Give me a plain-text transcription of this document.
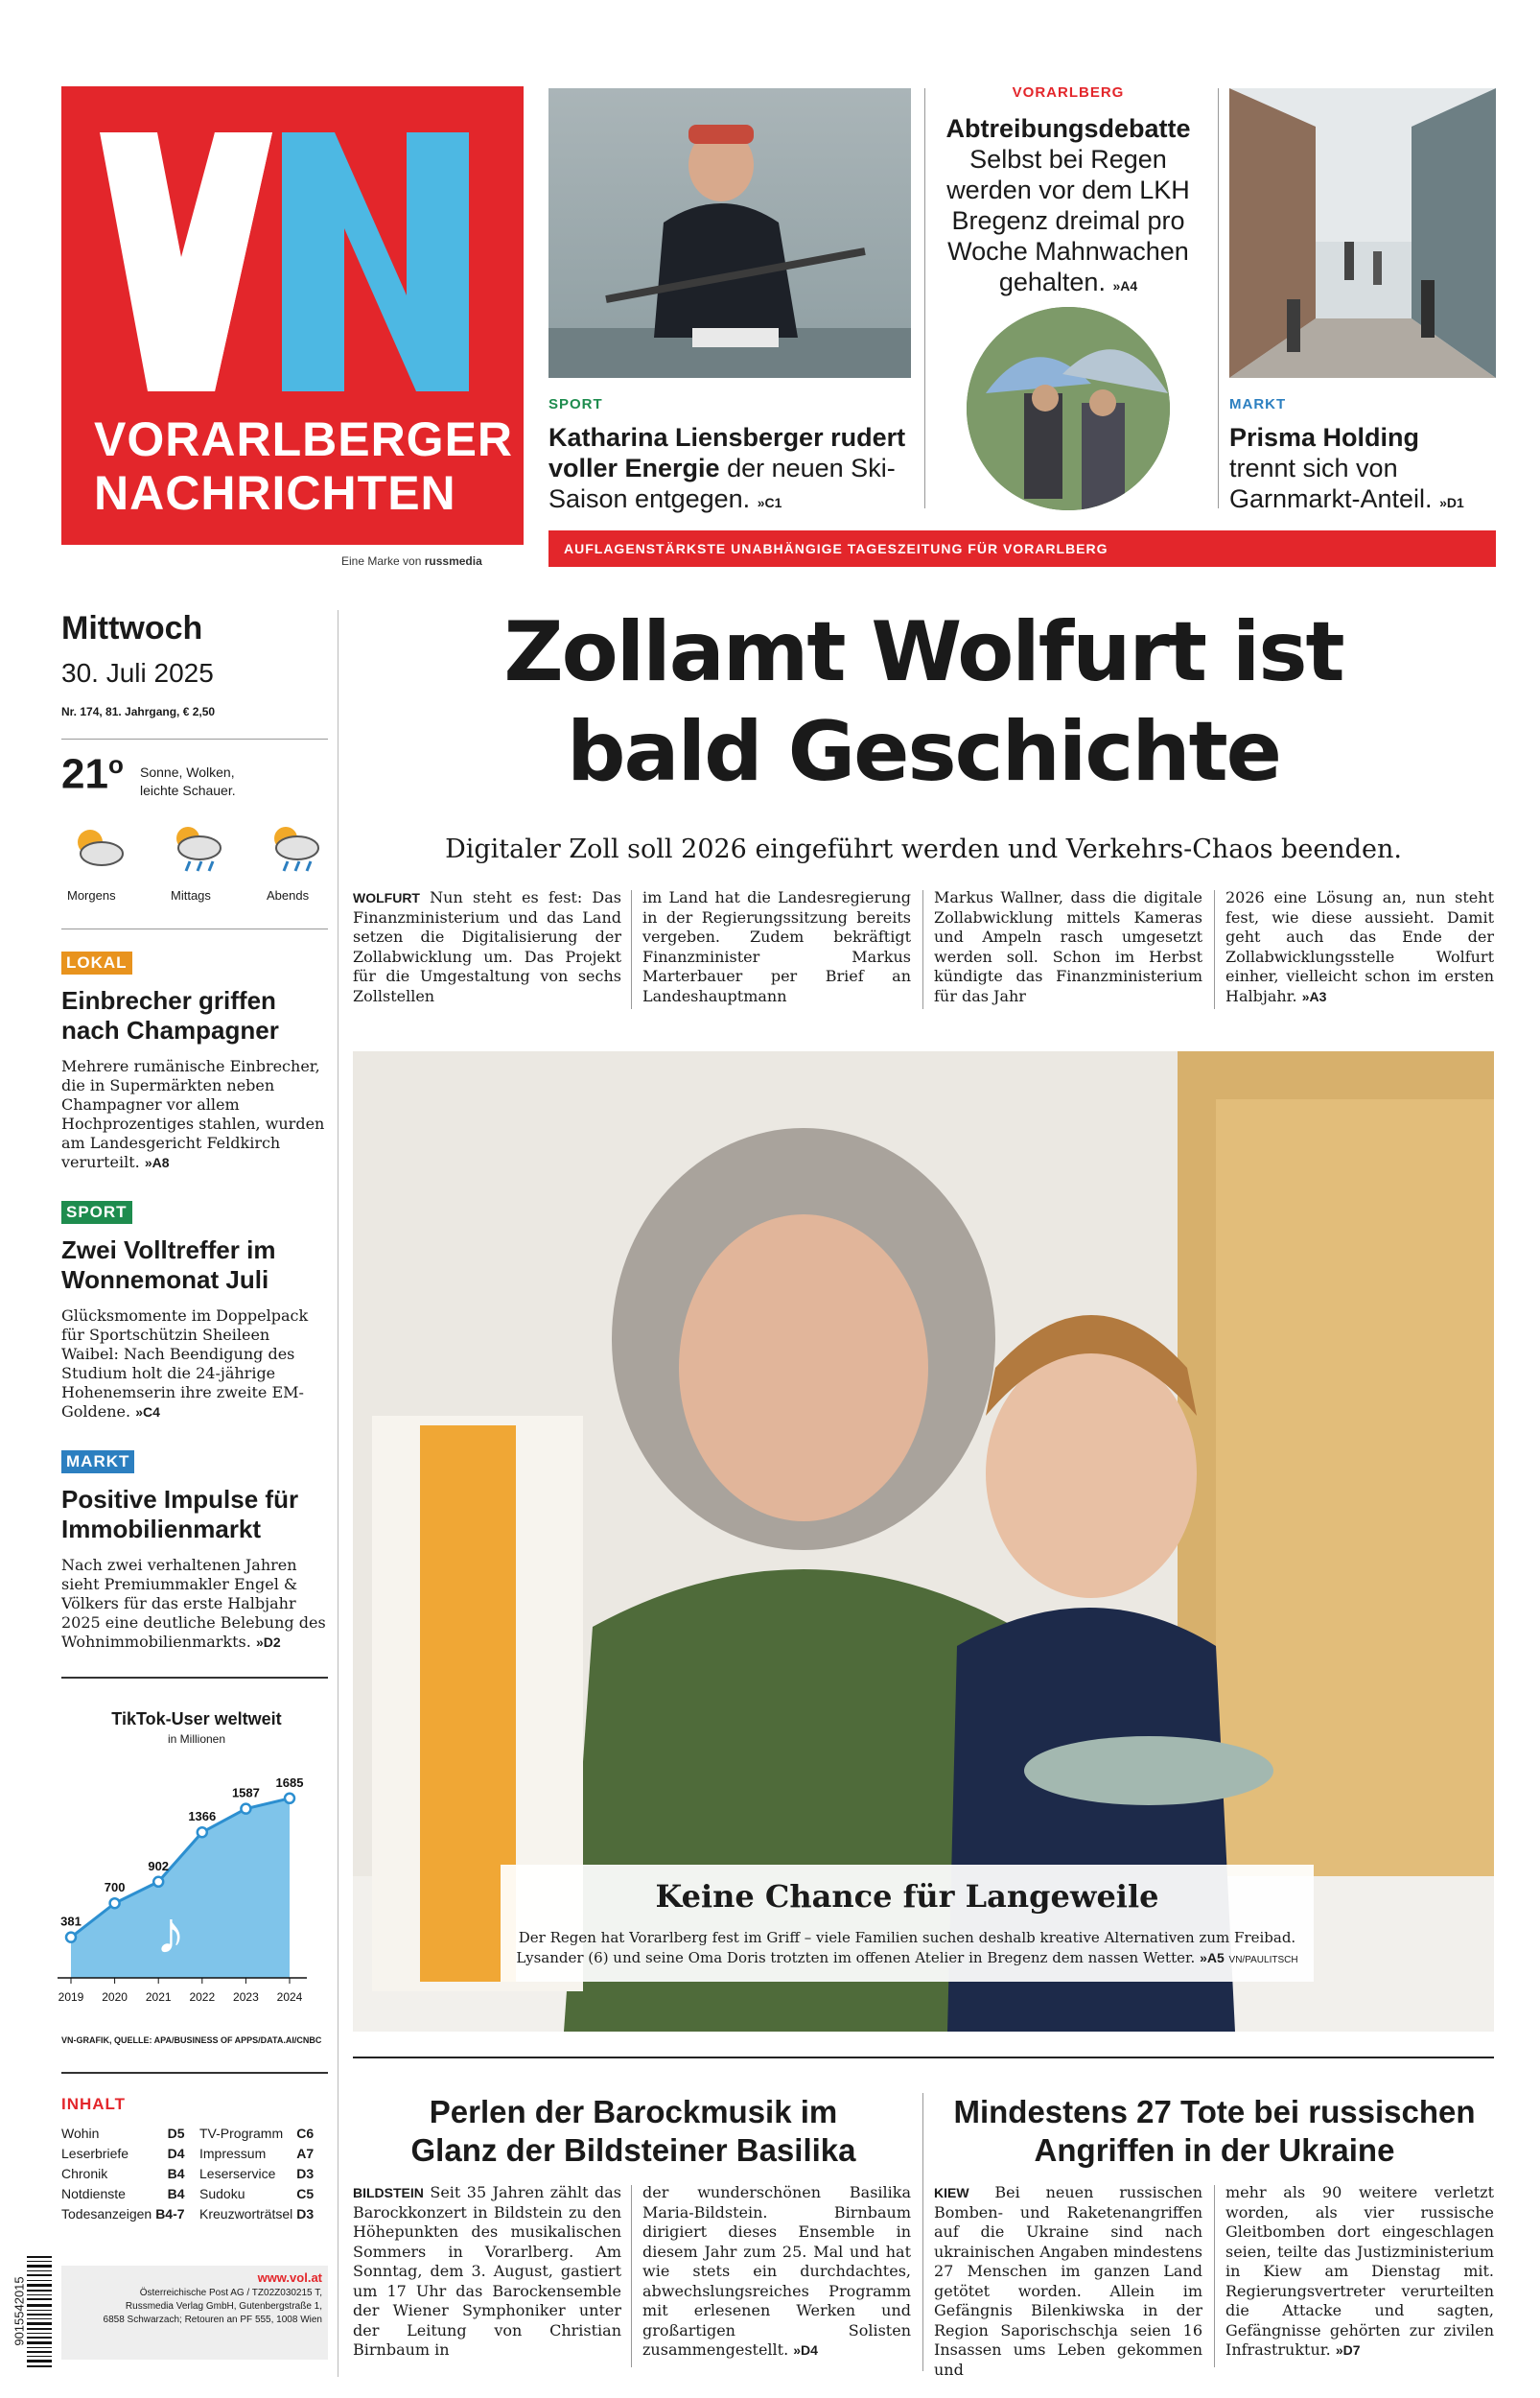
VORARLBERGER
NACHRICHTEN
Eine Marke von russmedia
SPORT
Katharina Liensberger rudert voller Energie der neuen Ski-Saison entgegen. »C1
VORARLBERG
Abtreibungsdebatte
Selbst bei Regen werden vor dem LKH Bregenz dreimal pro Woche Mahnwachen gehalten. »A4
MARKT
Prisma Holding
trennt sich von Garnmarkt-Anteil. »D1
AUFLAGENSTÄRKSTE UNABHÄNGIGE TAGESZEITUNG FÜR VORARLBERG
Mittwoch
30. Juli 2025
Nr. 174, 81. Jahrgang, € 2,50
21$^o$ Sonne, Wolken,
leichte Schauer.
Morgens	Mittags	Abends
LOKAL
Einbrecher griffen nach Champagner
Mehrere rumänische Einbrecher, die in Supermärkten neben Champagner vor allem Hochprozentiges stahlen, wurden am Landesgericht Feldkirch verurteilt. »A8
SPORT
Zwei Volltreffer im Wonnemonat Juli
Glücksmomente im Doppelpack für Sportschützin Sheileen Waibel: Nach Beendigung des Studium holt die 24-jährige Hohenemserin ihre zweite EM-Goldene. »C4
MARKT
Positive Impulse für Immobilienmarkt
Nach zwei verhaltenen Jahren sieht Premiummakler Engel & Völkers für das erste Halbjahr 2025 eine deutliche Belebung des Wohnimmobilienmarkts. »D2
TikTok-User weltweit
in Millionen
♪
381
2019
700
2020
902
2021
1366
2022
1587
2023
1685
2024
VN-GRAFIK, QUELLE: APA/BUSINESS OF APPS/DATA.AI/CNBC
INHALT
Wohin	D5
Leserbriefe	D4
Chronik	B4
Notdienste	B4
Todesanzeigen	B4-7
TV-Programm	C6
Impressum	A7
Leserservice	D3
Sudoku	C5
Kreuzworträtsel	D3
9015542015	www.vol.at
Österreichische Post AG / TZ02Z030215 T,
Russmedia Verlag GmbH, Gutenbergstraße 1,
6858 Schwarzach; Retouren an PF 555, 1008 Wien
Zollamt Wolfurt ist
bald Geschichte
Digitaler Zoll soll 2026 eingeführt werden und Verkehrs-Chaos beenden.
WOLFURT Nun steht es fest: Das Finanzministerium und das Land setzen die Digitalisierung der Zollabwicklung um. Das Projekt für die Umgestaltung von sechs Zollstellen
im Land hat die Landesregierung in der Regierungssitzung bereits vergeben. Zudem bekräftigt Finanzminister Markus Marterbauer per Brief an Landeshauptmann
Markus Wallner, dass die digitale Zollabwicklung mittels Kameras und Ampeln rasch umgesetzt werden soll. Schon im Herbst kündigte das Finanzministerium für das Jahr
2026 eine Lösung an, nun steht fest, wie diese aussieht. Damit geht auch das Ende der Zollabwicklungsstelle Wolfurt einher, vielleicht schon im ersten Halbjahr. »A3
Keine Chance für Langeweile
Der Regen hat Vorarlberg fest im Griff – viele Familien suchen deshalb kreative Alternativen zum Freibad.
Lysander (6) und seine Oma Doris trotzten im offenen Atelier in Bregenz dem nassen Wetter. »A5 VN/PAULITSCH
Perlen der Barockmusik im
Glanz der Bildsteiner Basilika
BILDSTEIN Seit 35 Jahren zählt das Barockkonzert in Bildstein zu den Höhepunkten des musikalischen Sommers in Vorarlberg. Am Sonntag, dem 3. August, gastiert um 17 Uhr das Barockensemble der Wiener Symphoniker unter der Leitung von Christian Birnbaum in
der wunderschönen Basilika Maria-Bildstein. Birnbaum dirigiert dieses Ensemble in diesem Jahr zum 25. Mal und hat wie stets ein durchdachtes, abwechslungsreiches Programm mit erlesenen Werken und großartigen Solisten zusammengestellt. »D4
Mindestens 27 Tote bei russischen
Angriffen in der Ukraine
KIEW Bei neuen russischen Bomben- und Raketenangriffen auf die Ukraine sind nach ukrainischen Angaben mindestens 27 Menschen im ganzen Land getötet worden. Allein im Gefängnis Bilenkiwska in der Region Saporischschja seien 16 Insassen ums Leben gekommen und
mehr als 90 weitere verletzt worden, als vier russische Gleitbomben dort eingeschlagen seien, teilte das Justizministerium in Kiew am Dienstag mit. Regierungsvertreter verurteilten die Attacke und sagten, Gefängnisse gehörten zur zivilen Infrastruktur. »D7
